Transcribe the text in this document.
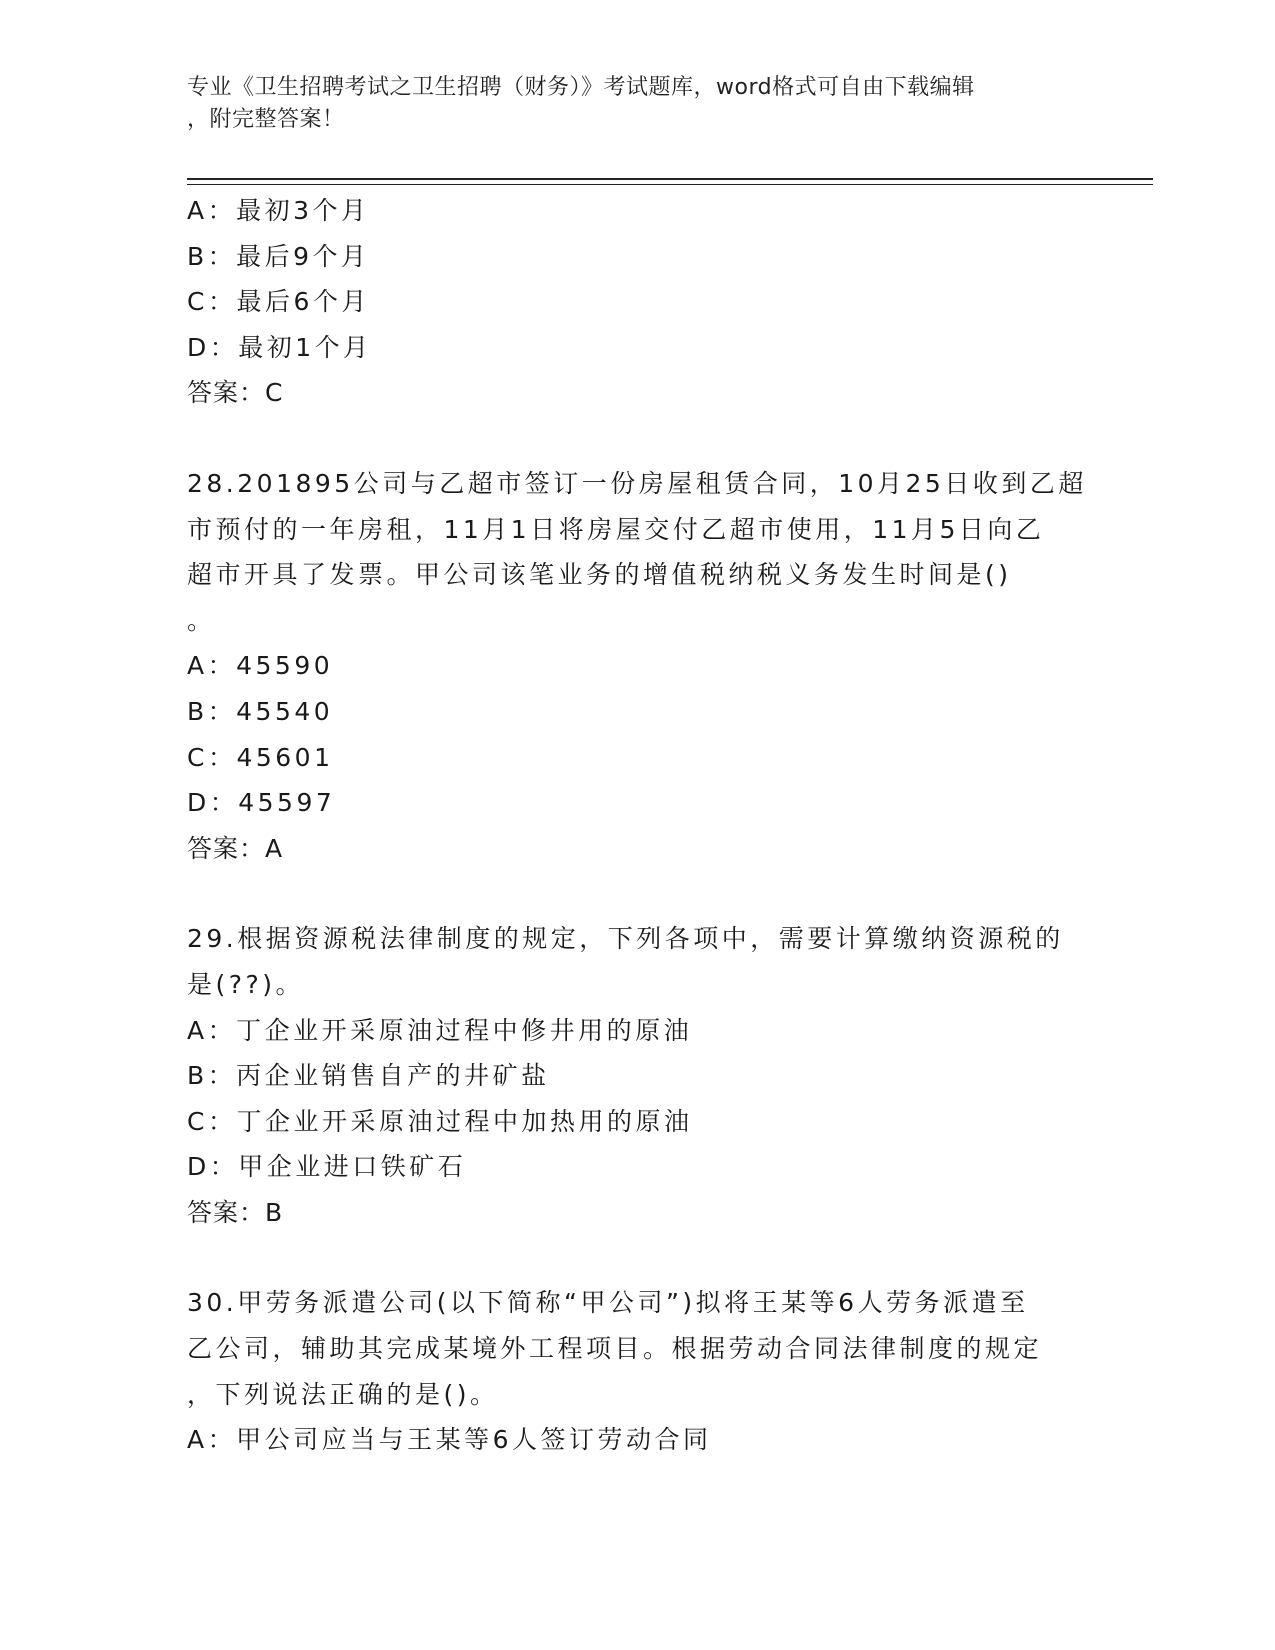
专业《卫生招聘考试之卫生招聘（财务）》考试题库，word格式可自由下载编辑
，附完整答案！
A：最初3个月
B：最后9个月
C：最后6个月
D：最初1个月
答案：C
28.201895公司与乙超市签订一份房屋租赁合同，10月25日收到乙超
市预付的一年房租，11月1日将房屋交付乙超市使用，11月5日向乙
超市开具了发票。甲公司该笔业务的增值税纳税义务发生时间是()
。
A：45590
B：45540
C：45601
D：45597
答案：A
29.根据资源税法律制度的规定，下列各项中，需要计算缴纳资源税的
是(??)。
A：丁企业开采原油过程中修井用的原油
B：丙企业销售自产的井矿盐
C：丁企业开采原油过程中加热用的原油
D：甲企业进口铁矿石
答案：B
30.甲劳务派遣公司(以下简称“甲公司”)拟将王某等6人劳务派遣至
乙公司，辅助其完成某境外工程项目。根据劳动合同法律制度的规定
，下列说法正确的是()。
A：甲公司应当与王某等6人签订劳动合同
